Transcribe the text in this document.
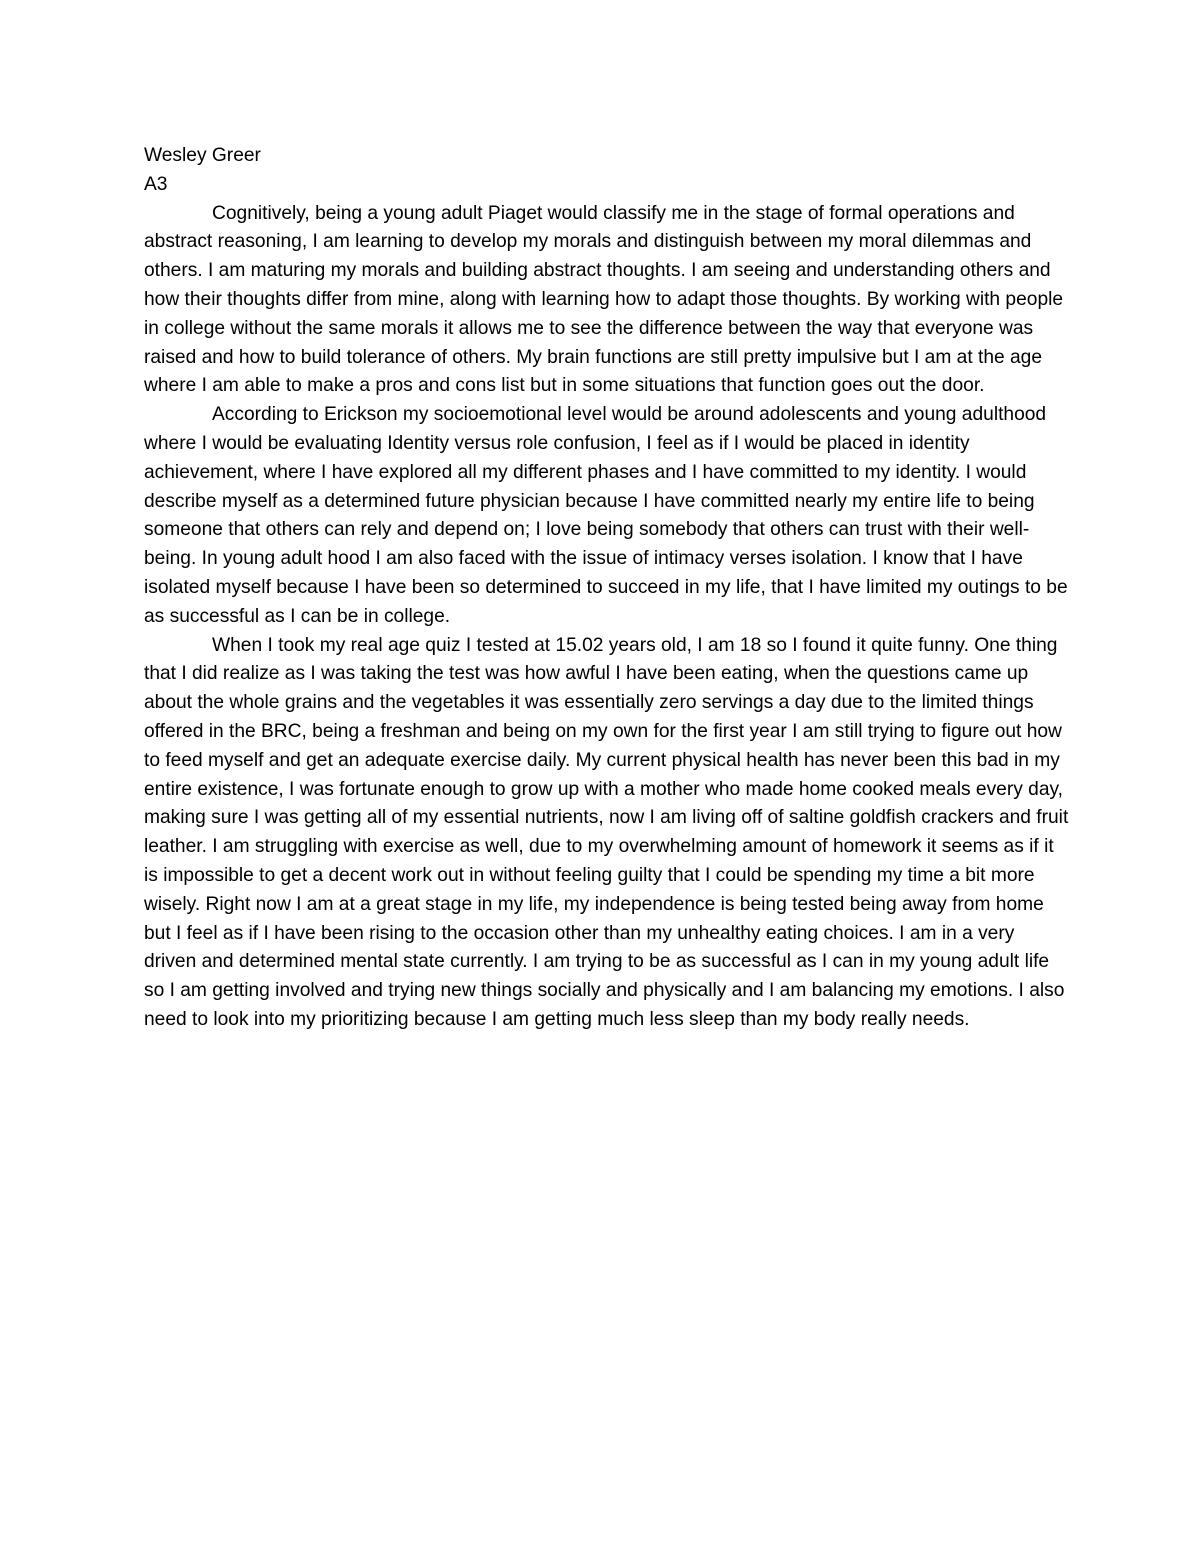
Wesley Greer

A3

Cognitively, being a young adult Piaget would classify me in the stage of formal operations and abstract reasoning, I am learning to develop my morals and distinguish between my moral dilemmas and others. I am maturing my morals and building abstract thoughts. I am seeing and understanding others and how their thoughts differ from mine, along with learning how to adapt those thoughts. By working with people in college without the same morals it allows me to see the difference between the way that everyone was raised and how to build tolerance of others. My brain functions are still pretty impulsive but I am at the age where I am able to make a pros and cons list but in some situations that function goes out the door.

According to Erickson my socioemotional level would be around adolescents and young adulthood where I would be evaluating Identity versus role confusion, I feel as if I would be placed in identity achievement, where I have explored all my different phases and I have committed to my identity. I would describe myself as a determined future physician because I have committed nearly my entire life to being someone that others can rely and depend on; I love being somebody that others can trust with their well-being. In young adult hood I am also faced with the issue of intimacy verses isolation. I know that I have isolated myself because I have been so determined to succeed in my life, that I have limited my outings to be as successful as I can be in college.

When I took my real age quiz I tested at 15.02 years old, I am 18 so I found it quite funny. One thing that I did realize as I was taking the test was how awful I have been eating, when the questions came up about the whole grains and the vegetables it was essentially zero servings a day due to the limited things offered in the BRC, being a freshman and being on my own for the first year I am still trying to figure out how to feed myself and get an adequate exercise daily. My current physical health has never been this bad in my entire existence, I was fortunate enough to grow up with a mother who made home cooked meals every day, making sure I was getting all of my essential nutrients, now I am living off of saltine goldfish crackers and fruit leather. I am struggling with exercise as well, due to my overwhelming amount of homework it seems as if it is impossible to get a decent work out in without feeling guilty that I could be spending my time a bit more wisely. Right now I am at a great stage in my life, my independence is being tested being away from home but I feel as if I have been rising to the occasion other than my unhealthy eating choices. I am in a very driven and determined mental state currently. I am trying to be as successful as I can in my young adult life so I am getting involved and trying new things socially and physically and I am balancing my emotions. I also need to look into my prioritizing because I am getting much less sleep than my body really needs.
